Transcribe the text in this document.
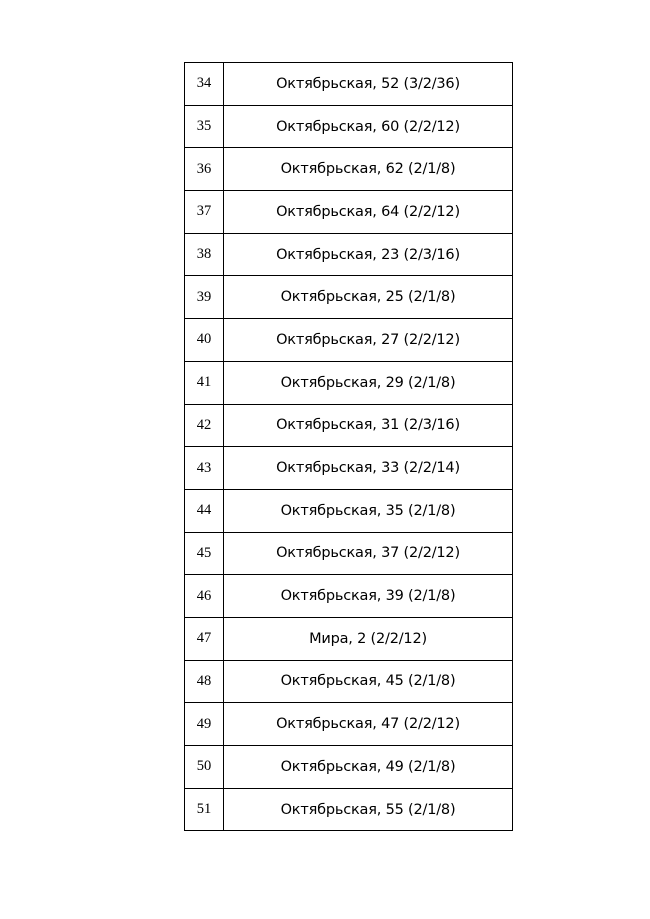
34	Октябрьская, 52 (3/2/36)
35	Октябрьская, 60 (2/2/12)
36	Октябрьская, 62 (2/1/8)
37	Октябрьская, 64 (2/2/12)
38	Октябрьская, 23 (2/3/16)
39	Октябрьская, 25 (2/1/8)
40	Октябрьская, 27 (2/2/12)
41	Октябрьская, 29 (2/1/8)
42	Октябрьская, 31 (2/3/16)
43	Октябрьская, 33 (2/2/14)
44	Октябрьская, 35 (2/1/8)
45	Октябрьская, 37 (2/2/12)
46	Октябрьская, 39 (2/1/8)
47	Мира, 2 (2/2/12)
48	Октябрьская, 45 (2/1/8)
49	Октябрьская, 47 (2/2/12)
50	Октябрьская, 49 (2/1/8)
51	Октябрьская, 55 (2/1/8)
